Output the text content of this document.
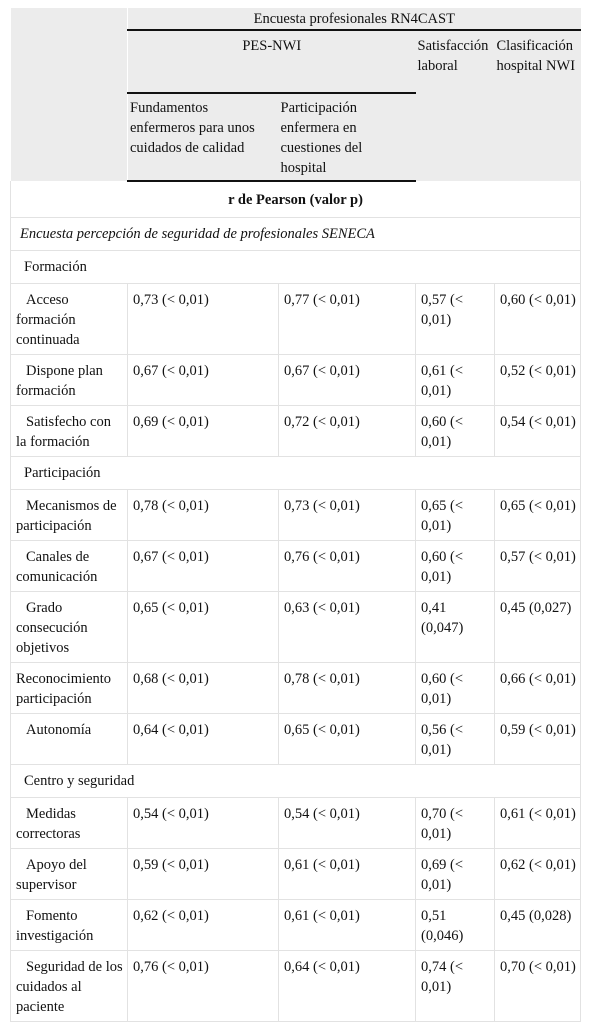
	Encuesta profesionales RN4CAST			
	PES-NWI		Satisfacción laboral	Clasificación hospital NWI
	Fundamentos enfermeros para unos cuidados de calidad	Participación enfermera en cuestiones del hospital		
r de Pearson (valor p)				
Encuesta percepción de seguridad de profesionales SENECA				
Formación				
Acceso formación continuada	0,73 (< 0,01)	0,77 (< 0,01)	0,57 (< 0,01)	0,60 (< 0,01)
Dispone plan formación	0,67 (< 0,01)	0,67 (< 0,01)	0,61 (< 0,01)	0,52 (< 0,01)
Satisfecho con la formación	0,69 (< 0,01)	0,72 (< 0,01)	0,60 (< 0,01)	0,54 (< 0,01)
Participación				
Mecanismos de participación	0,78 (< 0,01)	0,73 (< 0,01)	0,65 (< 0,01)	0,65 (< 0,01)
Canales de comunicación	0,67 (< 0,01)	0,76 (< 0,01)	0,60 (< 0,01)	0,57 (< 0,01)
Grado consecución objetivos	0,65 (< 0,01)	0,63 (< 0,01)	0,41 (0,047)	0,45 (0,027)
Reconocimiento participación	0,68 (< 0,01)	0,78 (< 0,01)	0,60 (< 0,01)	0,66 (< 0,01)
Autonomía	0,64 (< 0,01)	0,65 (< 0,01)	0,56 (< 0,01)	0,59 (< 0,01)
Centro y seguridad				
Medidas correctoras	0,54 (< 0,01)	0,54 (< 0,01)	0,70 (< 0,01)	0,61 (< 0,01)
Apoyo del supervisor	0,59 (< 0,01)	0,61 (< 0,01)	0,69 (< 0,01)	0,62 (< 0,01)
Fomento investigación	0,62 (< 0,01)	0,61 (< 0,01)	0,51 (0,046)	0,45 (0,028)
Seguridad de los cuidados al paciente	0,76 (< 0,01)	0,64 (< 0,01)	0,74 (< 0,01)	0,70 (< 0,01)
